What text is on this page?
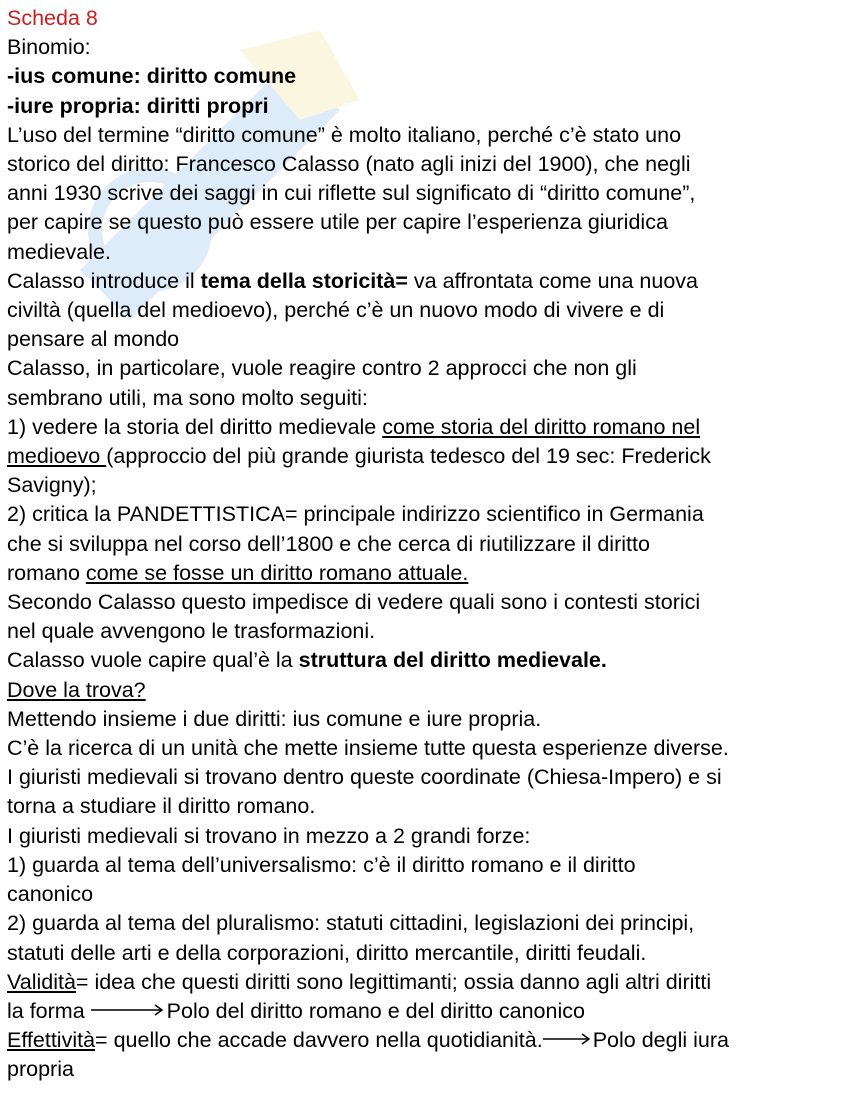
Scheda 8
Binomio:
-ius comune: diritto comune
-iure propria: diritti propri
L’uso del termine “diritto comune” è molto italiano, perché c’è stato uno
storico del diritto: Francesco Calasso (nato agli inizi del 1900), che negli
anni 1930 scrive dei saggi in cui riflette sul significato di “diritto comune”,
per capire se questo può essere utile per capire l’esperienza giuridica
medievale.
Calasso introduce il tema della storicità= va affrontata come una nuova
civiltà (quella del medioevo), perché c’è un nuovo modo di vivere e di
pensare al mondo
Calasso, in particolare, vuole reagire contro 2 approcci che non gli
sembrano utili, ma sono molto seguiti:
1) vedere la storia del diritto medievale come storia del diritto romano nel
medioevo (approccio del più grande giurista tedesco del 19 sec: Frederick
Savigny);
2) critica la PANDETTISTICA= principale indirizzo scientifico in Germania
che si sviluppa nel corso dell’1800 e che cerca di riutilizzare il diritto
romano come se fosse un diritto romano attuale.
Secondo Calasso questo impedisce di vedere quali sono i contesti storici
nel quale avvengono le trasformazioni.
Calasso vuole capire qual’è la struttura del diritto medievale.
Dove la trova?
Mettendo insieme i due diritti: ius comune e iure propria.
C’è la ricerca di un unità che mette insieme tutte questa esperienze diverse.
I giuristi medievali si trovano dentro queste coordinate (Chiesa-Impero) e si
torna a studiare il diritto romano.
I giuristi medievali si trovano in mezzo a 2 grandi forze:
1) guarda al tema dell’universalismo: c’è il diritto romano e il diritto
canonico
2) guarda al tema del pluralismo: statuti cittadini, legislazioni dei principi,
statuti delle arti e della corporazioni, diritto mercantile, diritti feudali.
Validità= idea che questi diritti sono legittimanti; ossia danno agli altri diritti
la forma	Polo del diritto romano e del diritto canonico
Effettività= quello che accade davvero nella quotidianità. Polo degli iura
propria
